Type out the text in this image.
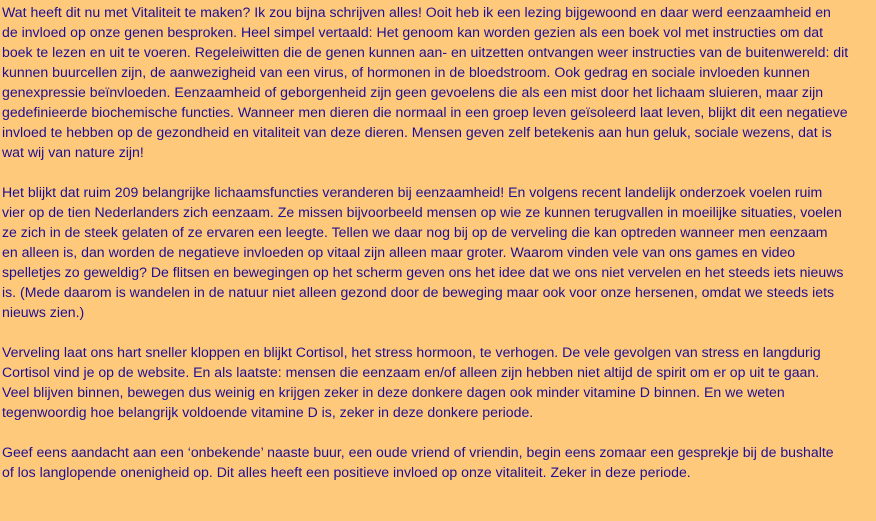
Wat heeft dit nu met Vitaliteit te maken? Ik zou bijna schrijven alles! Ooit heb ik een lezing bijgewoond en daar werd eenzaamheid en
de invloed op onze genen besproken. Heel simpel vertaald: Het genoom kan worden gezien als een boek vol met instructies om dat
boek te lezen en uit te voeren. Regeleiwitten die de genen kunnen aan- en uitzetten ontvangen weer instructies van de buitenwereld: dit
kunnen buurcellen zijn, de aanwezigheid van een virus, of hormonen in de bloedstroom. Ook gedrag en sociale invloeden kunnen
genexpressie beïnvloeden. Eenzaamheid of geborgenheid zijn geen gevoelens die als een mist door het lichaam sluieren, maar zijn
gedefinieerde biochemische functies. Wanneer men dieren die normaal in een groep leven geïsoleerd laat leven, blijkt dit een negatieve
invloed te hebben op de gezondheid en vitaliteit van deze dieren. Mensen geven zelf betekenis aan hun geluk, sociale wezens, dat is
wat wij van nature zijn!

Het blijkt dat ruim 209 belangrijke lichaamsfuncties veranderen bij eenzaamheid! En volgens recent landelijk onderzoek voelen ruim
vier op de tien Nederlanders zich eenzaam. Ze missen bijvoorbeeld mensen op wie ze kunnen terugvallen in moeilijke situaties, voelen
ze zich in de steek gelaten of ze ervaren een leegte. Tellen we daar nog bij op de verveling die kan optreden wanneer men eenzaam
en alleen is, dan worden de negatieve invloeden op vitaal zijn alleen maar groter. Waarom vinden vele van ons games en video
spelletjes zo geweldig? De flitsen en bewegingen op het scherm geven ons het idee dat we ons niet vervelen en het steeds iets nieuws
is. (Mede daarom is wandelen in de natuur niet alleen gezond door de beweging maar ook voor onze hersenen, omdat we steeds iets
nieuws zien.)

Verveling laat ons hart sneller kloppen en blijkt Cortisol, het stress hormoon, te verhogen. De vele gevolgen van stress en langdurig
Cortisol vind je op de website. En als laatste: mensen die eenzaam en/of alleen zijn hebben niet altijd de spirit om er op uit te gaan.
Veel blijven binnen, bewegen dus weinig en krijgen zeker in deze donkere dagen ook minder vitamine D binnen. En we weten
tegenwoordig hoe belangrijk voldoende vitamine D is, zeker in deze donkere periode.

Geef eens aandacht aan een ‘onbekende’ naaste buur, een oude vriend of vriendin, begin eens zomaar een gesprekje bij de bushalte
of los langlopende onenigheid op. Dit alles heeft een positieve invloed op onze vitaliteit. Zeker in deze periode.
